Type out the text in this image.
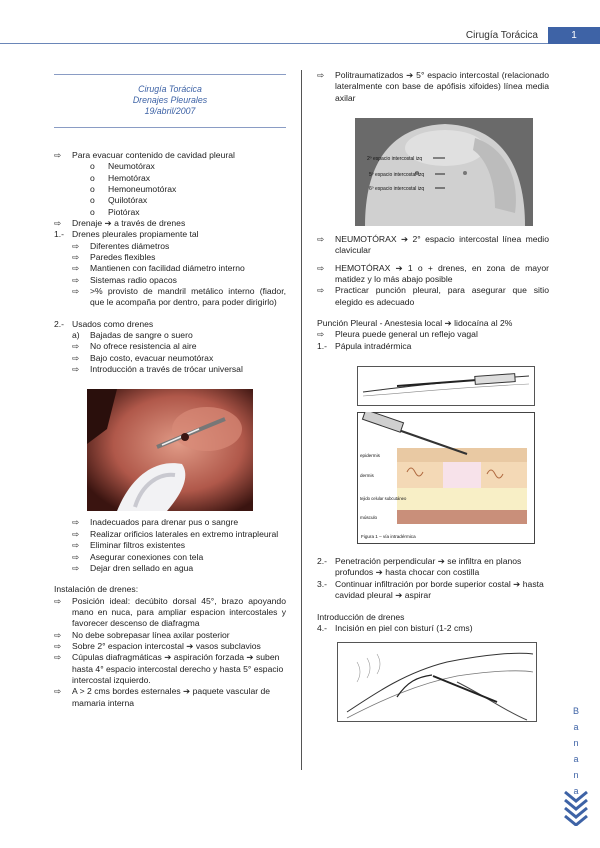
Cirugía Torácica	1
B
a
n
a
n
a
Cirugía Torácica
Drenajes Pleurales
19/abril/2007
⇨	Para evacuar contenido de cavidad pleural
o	Neumotórax
o	Hemotórax
o	Hemoneumotórax
o	Quilotórax
o	Piotórax
⇨	Drenaje ➔ a través de drenes
1.- Drenes pleurales propiamente tal
⇨	Diferentes diámetros
⇨	Paredes flexibles
⇨	Mantienen con facilidad diámetro interno
⇨	Sistemas radio opacos
⇨	>% provisto de mandril metálico interno (fiador, que le acompaña por dentro, para poder dirigirlo)
2.- Usados como drenes
a)	Bajadas de sangre o suero
⇨	No ofrece resistencia al aire
⇨	Bajo costo, evacuar neumotórax
⇨	Introducción a través de trócar universal
⇨	Inadecuados para drenar pus o sangre
⇨	Realizar orificios laterales en extremo intrapleural
⇨	Eliminar filtros existentes
⇨	Asegurar conexiones con tela
⇨	Dejar dren sellado en agua
Instalación de drenes:
⇨	Posición ideal: decúbito dorsal 45°, brazo apoyando mano en nuca, para ampliar espacion intercostales y favorecer descenso de diafragma
⇨	No debe sobrepasar línea axilar posterior
⇨	Sobre 2° espacion intercostal ➔ vasos subclavios
⇨	Cúpulas diafragmáticas ➔ aspiración forzada ➔ suben hasta 4° espacio intercostal derecho y hasta 5° espacio intercostal izquierdo.
⇨	A > 2 cms bordes esternales ➔ paquete vascular de mamaria interna
⇨	Politraumatizados ➔ 5° espacio intercostal (relacionado lateralmente con base de apófisis xifoides) línea media axilar
2º espacio intercostal izq
5º espacio intercostal izq
6º espacio intercostal izq
⇨	NEUMOTÓRAX ➔ 2° espacio intercostal línea medio clavicular
⇨	HEMOTÓRAX ➔ 1 o + drenes, en zona de mayor matidez y lo más abajo posible
⇨	Practicar punción pleural, para asegurar que sitio elegido es adecuado
Punción Pleural - Anestesia local ➔ lidocaína al 2%
⇨	Pleura puede general un reflejo vagal
1.- Pápula intradérmica
epidermis
dermis
tejido celular subcutáneo
músculo
Figura 1 – vía intradérmica
2.- Penetración perpendicular ➔ se infiltra en planos profundos ➔ hasta chocar con costilla
3.- Continuar infiltración por borde superior costal ➔ hasta cavidad pleural ➔ aspirar
Introducción de drenes
4.- Incisión en piel con bisturí (1-2 cms)
